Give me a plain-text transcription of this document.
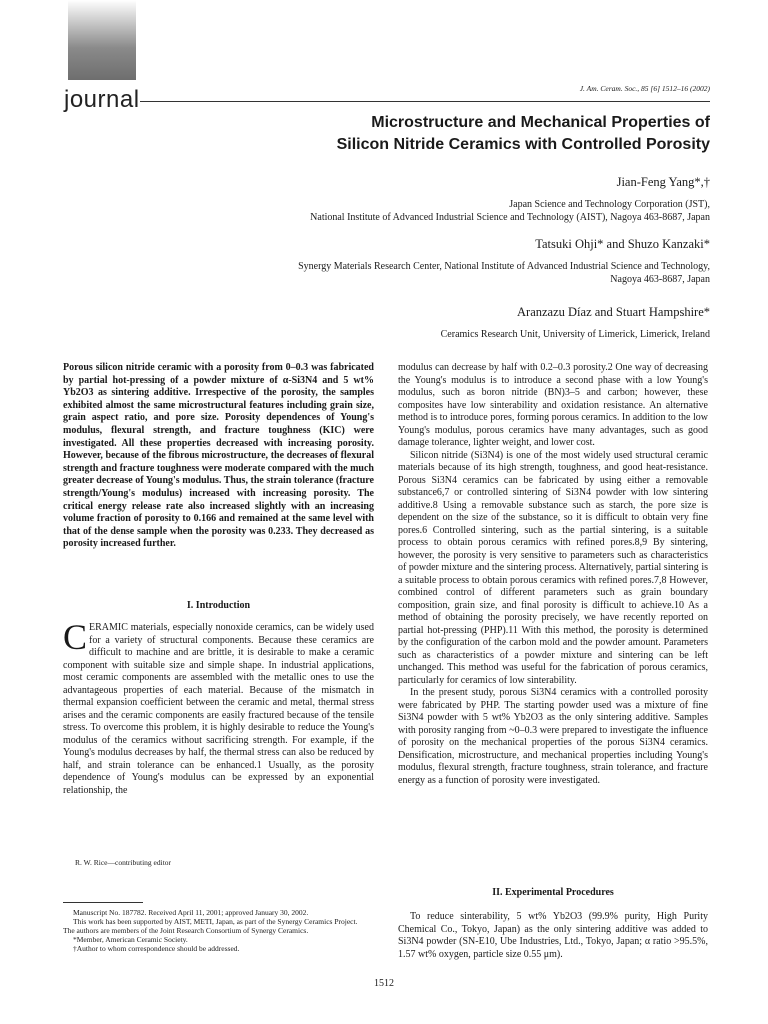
journal	J. Am. Ceram. Soc., 85 [6] 1512–16 (2002)
Microstructure and Mechanical Properties of
Silicon Nitride Ceramics with Controlled Porosity
Jian-Feng Yang*,†
Japan Science and Technology Corporation (JST),
National Institute of Advanced Industrial Science and Technology (AIST), Nagoya 463-8687, Japan
Tatsuki Ohji* and Shuzo Kanzaki*
Synergy Materials Research Center, National Institute of Advanced Industrial Science and Technology,
Nagoya 463-8687, Japan
Aranzazu Díaz and Stuart Hampshire*
Ceramics Research Unit, University of Limerick, Limerick, Ireland
Porous silicon nitride ceramic with a porosity from 0–0.3 was fabricated by partial hot-pressing of a powder mixture of α-Si3N4 and 5 wt% Yb2O3 as sintering additive. Irrespective of the porosity, the samples exhibited almost the same microstructural features including grain size, grain aspect ratio, and pore size. Porosity dependences of Young's modulus, flexural strength, and fracture toughness (KIC) were investigated. All these properties decreased with increasing porosity. However, because of the fibrous microstructure, the decreases of flexural strength and fracture toughness were moderate compared with the much greater decrease of Young's modulus. Thus, the strain tolerance (fracture strength/Young's modulus) increased with increasing porosity. The critical energy release rate also increased slightly with an increasing volume fraction of porosity to 0.166 and remained at the same level with that of the dense sample when the porosity was 0.233. They decreased as porosity increased further.
I. Introduction
CERAMIC materials, especially nonoxide ceramics, can be widely used for a variety of structural components. Because these ceramics are difficult to machine and are brittle, it is desirable to make a ceramic component with suitable size and simple shape. In industrial applications, most ceramic components are assembled with the metallic ones to use the advantageous properties of each material. Because of the mismatch in thermal expansion coefficient between the ceramic and metal, thermal stress arises and the ceramic components are easily fractured because of the tensile stress. To overcome this problem, it is highly desirable to reduce the Young's modulus of the ceramics without sacrificing strength. For example, if the Young's modulus decreases by half, the thermal stress can also be reduced by half, and strain tolerance can be enhanced.1 Usually, as the porosity dependence of Young's modulus can be expressed by an exponential relationship, the

modulus can decrease by half with 0.2–0.3 porosity.2 One way of decreasing the Young's modulus is to introduce a second phase with a low Young's modulus, such as boron nitride (BN)3–5 and carbon; however, these composites have low sinterability and oxidation resistance. An alternative method is to introduce pores, forming porous ceramics. In addition to the low Young's modulus, porous ceramics have many advantages, such as good damage tolerance, lighter weight, and lower cost.

Silicon nitride (Si3N4) is one of the most widely used structural ceramic materials because of its high strength, toughness, and good heat-resistance. Porous Si3N4 ceramics can be fabricated by using either a removable substance6,7 or controlled sintering of Si3N4 powder with low sintering additive.8 Using a removable substance such as starch, the pore size is dependent on the size of the substance, so it is difficult to obtain very fine pores.6 Controlled sintering, such as the partial sintering, is a suitable process to obtain porous ceramics with refined pores.8,9 By sintering, however, the porosity is very sensitive to parameters such as characteristics of powder mixture and the sintering process. Alternatively, partial sintering is a suitable process to obtain porous ceramics with refined pores.7,8 However, combined control of different parameters such as grain boundary composition, grain size, and final porosity is difficult to achieve.10 As a method of obtaining the porosity precisely, we have recently reported on partial hot-pressing (PHP).11 With this method, the porosity is determined by the configuration of the carbon mold and the powder amount. Parameters such as characteristics of a powder mixture and sintering can be left unchanged. This method was useful for the fabrication of porous ceramics, particularly for ceramics of low sinterability.

In the present study, porous Si3N4 ceramics with a controlled porosity were fabricated by PHP. The starting powder used was a mixture of fine Si3N4 powder with 5 wt% Yb2O3 as the only sintering additive. Samples with porosity ranging from ~0–0.3 were prepared to investigate the influence of porosity on the mechanical properties of the porous Si3N4 ceramics. Densification, microstructure, and mechanical properties including Young's modulus, flexural strength, fracture toughness, strain tolerance, and fracture energy as a function of porosity were investigated.

II. Experimental Procedures

To reduce sinterability, 5 wt% Yb2O3 (99.9% purity, High Purity Chemical Co., Tokyo, Japan) as the only sintering additive was added to Si3N4 powder (SN-E10, Ube Industries, Ltd., Tokyo, Japan; α ratio >95.5%, 1.57 wt% oxygen, particle size 0.55 μm).

R. W. Rice—contributing editor
Manuscript No. 187782. Received April 11, 2001; approved January 30, 2002.
This work has been supported by AIST, METI, Japan, as part of the Synergy Ceramics Project. The authors are members of the Joint Research Consortium of Synergy Ceramics.
*Member, American Ceramic Society.
†Author to whom correspondence should be addressed.
1512
